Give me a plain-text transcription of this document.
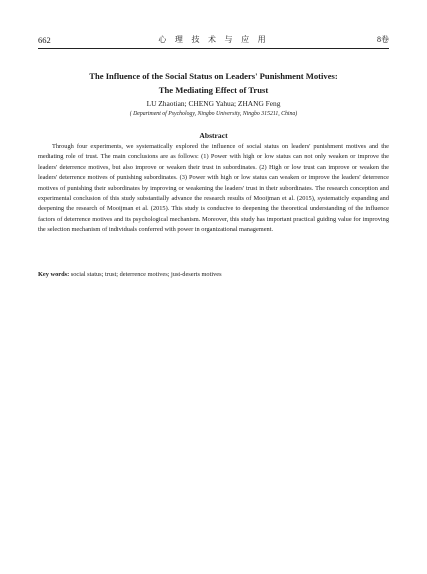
662	心 理 技 术 与 应 用	8卷
The Influence of the Social Status on Leaders' Punishment Motives:
The Mediating Effect of Trust
LU Zhaotian; CHENG Yahua; ZHANG Feng
( Department of Psychology, Ningbo University, Ningbo 315211, China)
Abstract
Through four experiments, we systematically explored the influence of social status on leaders' punishment motives and the mediating role of trust. The main conclusions are as follows: (1) Power with high or low status can not only weaken or improve the leaders' deterrence motives, but also improve or weaken their trust in subordinates. (2) High or low trust can improve or weaken the leaders' deterrence motives of punishing subordinates. (3) Power with high or low status can weaken or improve the leaders' deterrence motives of punishing their subordinates by improving or weakening the leaders' trust in their subordinates. The research conception and experimental conclusion of this study substantially advance the research results of Mooijman et al. (2015), systematicly expanding and deepening the research of Mooijman et al. (2015). This study is conducive to deepening the theoretical understanding of the influence factors of deterrence motives and its psychological mechanism. Moreover, this study has important practical guiding value for improving the selection mechanism of individuals conferred with power in organizational management.
Key words: social status; trust; deterrence motives; just-deserts motives
